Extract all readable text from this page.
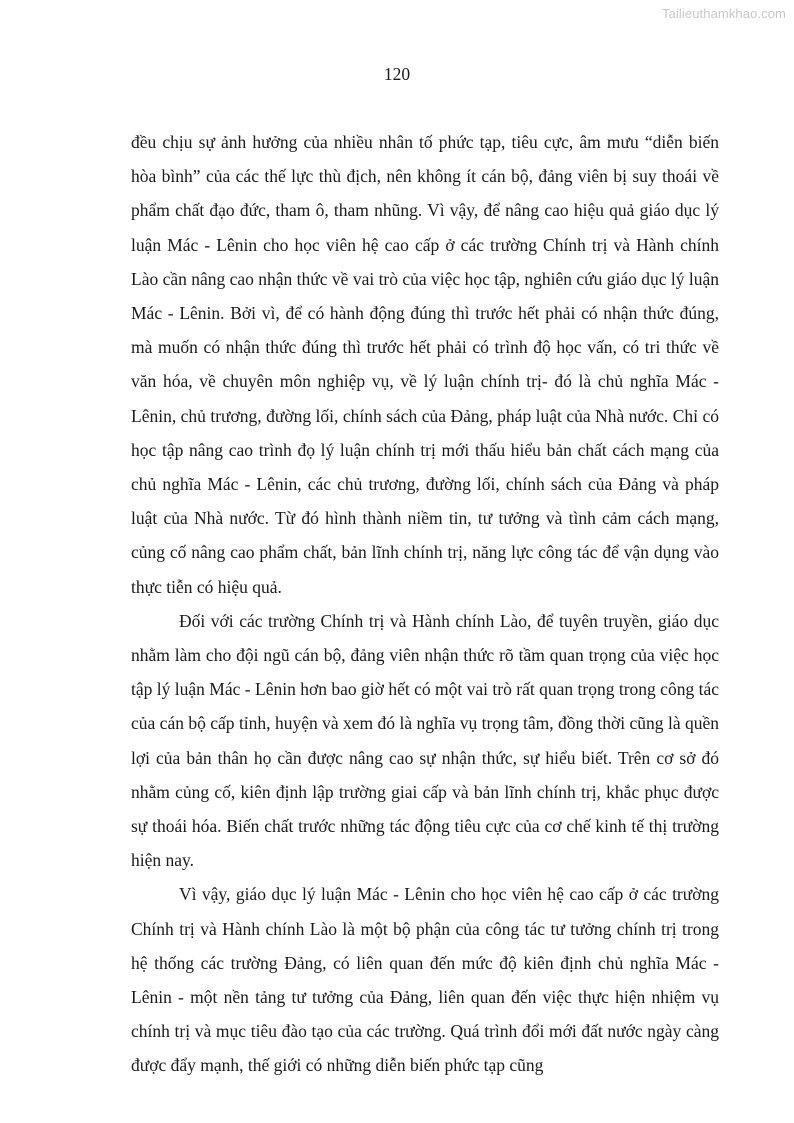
Tailieuthamkhao.com
120

đều chịu sự ảnh hưởng của nhiều nhân tố phức tạp, tiêu cực, âm mưu “diễn biến hòa bình” của các thế lực thù địch, nên không ít cán bộ, đảng viên bị suy thoái về phẩm chất đạo đức, tham ô, tham nhũng. Vì vậy, để nâng cao hiệu quả giáo dục lý luận Mác - Lênin cho học viên hệ cao cấp ở các trường Chính trị và Hành chính Lào cần nâng cao nhận thức về vai trò của việc học tập, nghiên cứu giáo dục lý luận Mác - Lênin. Bởi vì, để có hành động đúng thì trước hết phải có nhận thức đúng, mà muốn có nhận thức đúng thì trước hết phải có trình độ học vấn, có tri thức về văn hóa, về chuyên môn nghiệp vụ, về lý luận chính trị- đó là chủ nghĩa Mác - Lênin, chủ trương, đường lối, chính sách của Đảng, pháp luật của Nhà nước. Chỉ có học tập nâng cao trình đọ lý luận chính trị mới thấu hiểu bản chất cách mạng của chủ nghĩa Mác - Lênin, các chủ trương, đường lối, chính sách của Đảng và pháp luật của Nhà nước. Từ đó hình thành niềm tin, tư tưởng và tình cảm cách mạng, củng cố nâng cao phẩm chất, bản lĩnh chính trị, năng lực công tác để vận dụng vào thực tiễn có hiệu quả.

Đối với các trường Chính trị và Hành chính Lào, để tuyên truyền, giáo dục nhằm làm cho đội ngũ cán bộ, đảng viên nhận thức rõ tầm quan trọng của việc học tập lý luận Mác - Lênin hơn bao giờ hết có một vai trò rất quan trọng trong công tác của cán bộ cấp tỉnh, huyện và xem đó là nghĩa vụ trọng tâm, đồng thời cũng là quền lợi của bản thân họ cần được nâng cao sự nhận thức, sự hiểu biết. Trên cơ sở đó nhằm củng cố, kiên định lập trường giai cấp và bản lĩnh chính trị, khắc phục được sự thoái hóa. Biến chất trước những tác động tiêu cực của cơ chế kinh tế thị trường hiện nay.

Vì vậy, giáo dục lý luận Mác - Lênin cho học viên hệ cao cấp ở các trường Chính trị và Hành chính Lào là một bộ phận của công tác tư tưởng chính trị trong hệ thống các trường Đảng, có liên quan đến mức độ kiên định chủ nghĩa Mác - Lênin - một nền tảng tư tưởng của Đảng, liên quan đến việc thực hiện nhiệm vụ chính trị và mục tiêu đào tạo của các trường. Quá trình đổi mới đất nước ngày càng được đẩy mạnh, thế giới có những diễn biến phức tạp cũng
